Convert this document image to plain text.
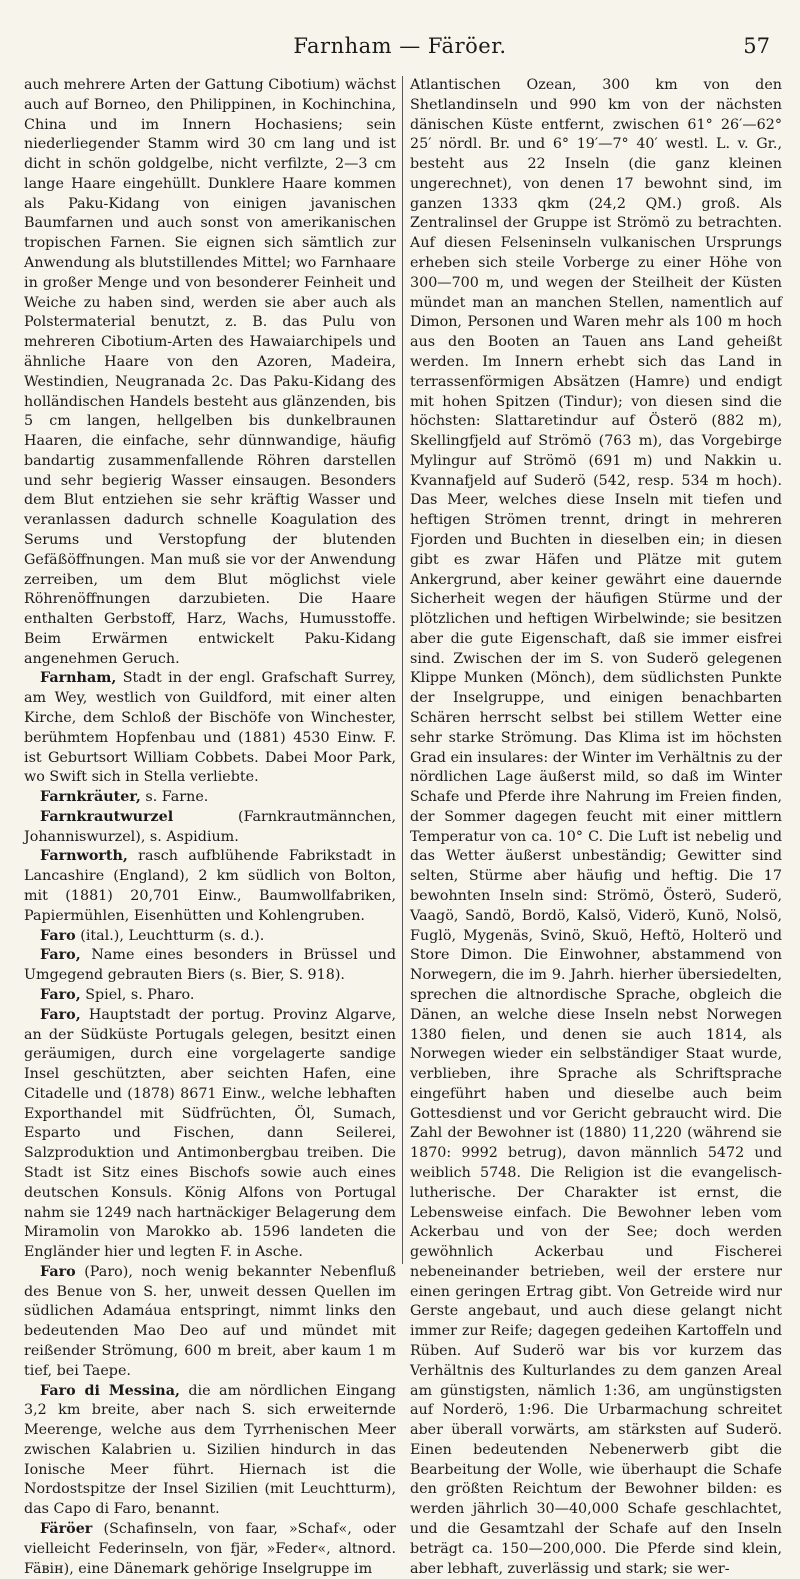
Farnham — Färöer.	57

auch mehrere Arten der Gattung Cibotium) wächst auch auf Borneo, den Philippinen, in Kochinchina, China und im Innern Hochasiens; sein niederliegender Stamm wird 30 cm lang und ist dicht in schön goldgelbe, nicht verfilzte, 2—3 cm lange Haare eingehüllt. Dunklere Haare kommen als Paku-Kidang von einigen javanischen Baumfarnen und auch sonst von amerikanischen tropischen Farnen. Sie eignen sich sämtlich zur Anwendung als blutstillendes Mittel; wo Farnhaare in großer Menge und von besonderer Feinheit und Weiche zu haben sind, werden sie aber auch als Polstermaterial benutzt, z. B. das Pulu von mehreren Cibotium-Arten des Hawaiarchipels und ähnliche Haare von den Azoren, Madeira, Westindien, Neugranada 2c. Das Paku-Kidang des holländischen Handels besteht aus glänzenden, bis 5 cm langen, hellgelben bis dunkelbraunen Haaren, die einfache, sehr dünnwandige, häufig bandartig zusammenfallende Röhren darstellen und sehr begierig Wasser einsaugen. Besonders dem Blut entziehen sie sehr kräftig Wasser und veranlassen dadurch schnelle Koagulation des Serums und Verstopfung der blutenden Gefäßöffnungen. Man muß sie vor der Anwendung zerreiben, um dem Blut möglichst viele Röhrenöffnungen darzubieten. Die Haare enthalten Gerbstoff, Harz, Wachs, Humusstoffe. Beim Erwärmen entwickelt Paku-Kidang angenehmen Geruch.

Farnham, Stadt in der engl. Grafschaft Surrey, am Wey, westlich von Guildford, mit einer alten Kirche, dem Schloß der Bischöfe von Winchester, berühmtem Hopfenbau und (1881) 4530 Einw. F. ist Geburtsort William Cobbets. Dabei Moor Park, wo Swift sich in Stella verliebte.

Farnkräuter, s. Farne.

Farnkrautwurzel	(Farnkrautmännchen, Johanniswurzel), s. Aspidium.

Farnworth, rasch aufblühende Fabrikstadt in Lancashire (England), 2 km südlich von Bolton, mit (1881) 20,701 Einw., Baumwollfabriken, Papiermühlen, Eisenhütten und Kohlengruben.

Faro (ital.), Leuchtturm (s. d.).

Faro, Name eines besonders in Brüssel und Umgegend gebrauten Biers (s. Bier, S. 918).

Faro, Spiel, s. Pharo.

Faro, Hauptstadt der portug. Provinz Algarve, an der Südküste Portugals gelegen, besitzt einen geräumigen, durch eine vorgelagerte sandige Insel geschützten, aber seichten Hafen, eine Citadelle und (1878) 8671 Einw., welche lebhaften Exporthandel mit Südfrüchten, Öl, Sumach, Esparto und Fischen, dann Seilerei, Salzproduktion und Antimonbergbau treiben. Die Stadt ist Sitz eines Bischofs sowie auch eines deutschen Konsuls. König Alfons von Portugal nahm sie 1249 nach hartnäckiger Belagerung dem Miramolin von Marokko ab. 1596 landeten die Engländer hier und legten F. in Asche.

Faro (Paro), noch wenig bekannter Nebenfluß des Benue von S. her, unweit dessen Quellen im südlichen Adamáua entspringt, nimmt links den bedeutenden Mao Deo auf und mündet mit reißender Strömung, 600 m breit, aber kaum 1 m tief, bei Taepe.

Faro di Messina, die am nördlichen Eingang 3,2 km breite, aber nach S. sich erweiternde Meerenge, welche aus dem Tyrrhenischen Meer zwischen Kalabrien u. Sizilien hindurch in das Ionische Meer führt. Hiernach ist die Nordostspitze der Insel Sizilien (mit Leuchtturm), das Capo di Faro, benannt.

Färöer (Schafinseln, von faar, »Schaf«, oder vielleicht Federinseln, von fjär, »Feder«, altnord. Fäвін), eine Dänemark gehörige Inselgruppe im

Atlantischen Ozean, 300 km von den Shetlandinseln und 990 km von der nächsten dänischen Küste entfernt, zwischen 61° 26′—62° 25′ nördl. Br. und 6° 19′—7° 40′ westl. L. v. Gr., besteht aus 22 Inseln (die ganz kleinen ungerechnet), von denen 17 bewohnt sind, im ganzen 1333 qkm (24,2 QM.) groß. Als Zentralinsel der Gruppe ist Strömö zu betrachten. Auf diesen Felseninseln vulkanischen Ursprungs erheben sich steile Vorberge zu einer Höhe von 300—700 m, und wegen der Steilheit der Küsten mündet man an manchen Stellen, namentlich auf Dimon, Personen und Waren mehr als 100 m hoch aus den Booten an Tauen ans Land geheißt werden. Im Innern erhebt sich das Land in terrassenförmigen Absätzen (Hamre) und endigt mit hohen Spitzen (Tindur); von diesen sind die höchsten: Slattaretindur auf Österö (882 m), Skellingfjeld auf Strömö (763 m), das Vorgebirge Mylingur auf Strömö (691 m) und Nakkin u. Kvannafjeld auf Suderö (542, resp. 534 m hoch). Das Meer, welches diese Inseln mit tiefen und heftigen Strömen trennt, dringt in mehreren Fjorden und Buchten in dieselben ein; in diesen gibt es zwar Häfen und Plätze mit gutem Ankergrund, aber keiner gewährt eine dauernde Sicherheit wegen der häufigen Stürme und der plötzlichen und heftigen Wirbelwinde; sie besitzen aber die gute Eigenschaft, daß sie immer eisfrei sind. Zwischen der im S. von Suderö gelegenen Klippe Munken (Mönch), dem südlichsten Punkte der Inselgruppe, und einigen benachbarten Schären herrscht selbst bei stillem Wetter eine sehr starke Strömung. Das Klima ist im höchsten Grad ein insulares: der Winter im Verhältnis zu der nördlichen Lage äußerst mild, so daß im Winter Schafe und Pferde ihre Nahrung im Freien finden, der Sommer dagegen feucht mit einer mittlern Temperatur von ca. 10° C. Die Luft ist nebelig und das Wetter äußerst unbeständig; Gewitter sind selten, Stürme aber häufig und heftig. Die 17 bewohnten Inseln sind: Strömö, Österö, Suderö, Vaagö, Sandö, Bordö, Kalsö, Viderö, Kunö, Nolsö, Fuglö, Mygenäs, Svinö, Skuö, Heftö, Holterö und Store Dimon. Die Einwohner, abstammend von Norwegern, die im 9. Jahrh. hierher übersiedelten, sprechen die altnordische Sprache, obgleich die Dänen, an welche diese Inseln nebst Norwegen 1380 fielen, und denen sie auch 1814, als Norwegen wieder ein selbständiger Staat wurde, verblieben, ihre Sprache als Schriftsprache eingeführt haben und dieselbe auch beim Gottesdienst und vor Gericht gebraucht wird. Die Zahl der Bewohner ist (1880) 11,220 (während sie 1870: 9992 betrug), davon männlich 5472 und weiblich 5748. Die Religion ist die evangelisch-lutherische. Der Charakter ist ernst, die Lebensweise einfach. Die Bewohner leben vom Ackerbau und von der See; doch werden gewöhnlich Ackerbau und Fischerei nebeneinander betrieben, weil der erstere nur einen geringen Ertrag gibt. Von Getreide wird nur Gerste angebaut, und auch diese gelangt nicht immer zur Reife; dagegen gedeihen Kartoffeln und Rüben. Auf Suderö war bis vor kurzem das Verhältnis des Kulturlandes zu dem ganzen Areal am günstigsten, nämlich 1:36, am ungünstigsten auf Norderö, 1:96. Die Urbarmachung schreitet aber überall vorwärts, am stärksten auf Suderö. Einen bedeutenden Nebenerwerb gibt die Bearbeitung der Wolle, wie überhaupt die Schafe den größten Reichtum der Bewohner bilden: es werden jährlich 30—40,000 Schafe geschlachtet, und die Gesamtzahl der Schafe auf den Inseln beträgt ca. 150—200,000. Die Pferde sind klein, aber lebhaft, zuverlässig und stark; sie wer-
